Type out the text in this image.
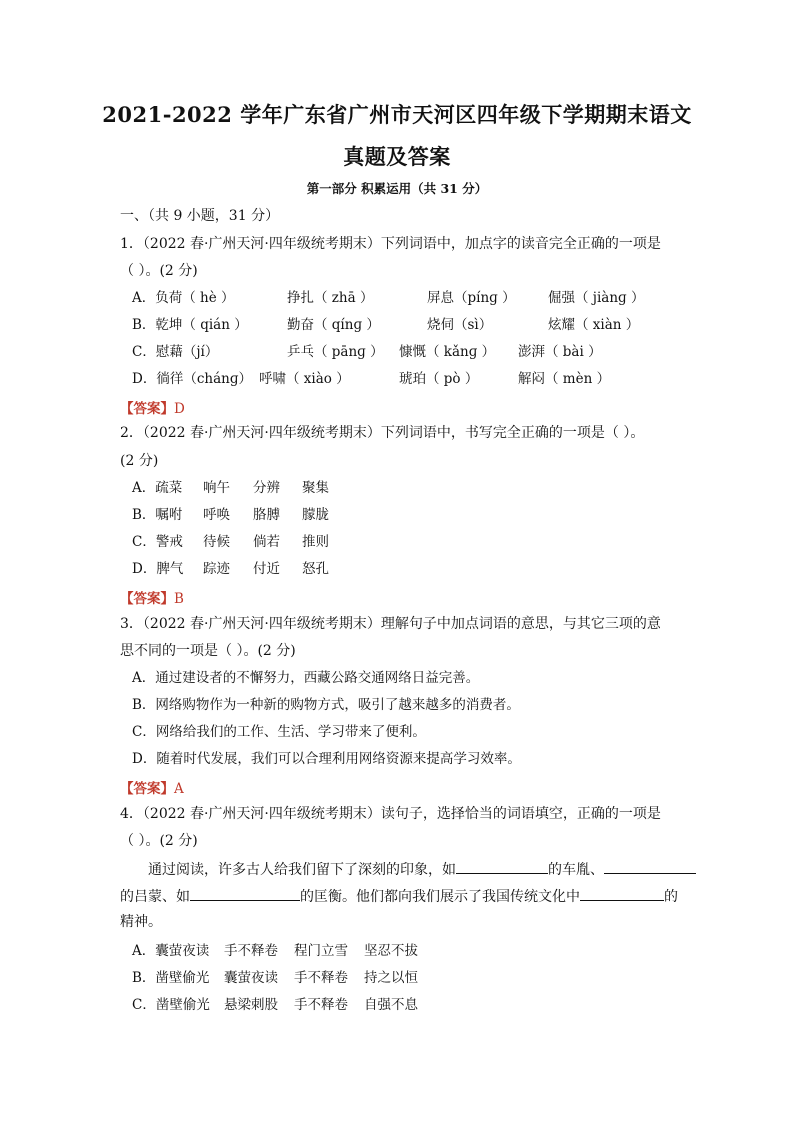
2021-2022 学年广东省广州市天河区四年级下学期期末语文
真题及答案
第一部分 积累运用（共 31 分）
一、（共 9 小题，31 分）
1．（2022 春·广州天河·四年级统考期末）下列词语中，加点字的读音完全正确的一项是
（ ）。(2 分)
A．负荷（ hè ）	挣扎（ zhā ）	屏息（pínɡ ） 倔强（ jiànɡ ）
B．乾坤（ qián ）	勤奋（ qínɡ ）	烧伺（sì）	炫耀（ xiàn ）
C．慰藉（jí）	乒乓（ pānɡ ） 慷慨（ kǎnɡ ） 澎湃（ bài ）
D．徜徉（chánɡ） 呼啸（ xiào ）	琥珀（ pò ）	解闷（ mèn ）
【答案】D
2．（2022 春·广州天河·四年级统考期末）下列词语中，书写完全正确的一项是（ ）。
(2 分)
A．疏菜 响午 分辨 聚集
B．嘱咐 呼唤 胳膊 朦胧
C．警戒 待候 倘若 推则
D．脾气 踪迹 付近 怒孔
【答案】B
3．（2022 春·广州天河·四年级统考期末）理解句子中加点词语的意思，与其它三项的意
思不同的一项是（ ）。(2 分)
A．通过建设者的不懈努力，西藏公路交通网络日益完善。
B．网络购物作为一种新的购物方式，吸引了越来越多的消费者。
C．网络给我们的工作、生活、学习带来了便利。
D．随着时代发展，我们可以合理利用网络资源来提高学习效率。
【答案】A
4．（2022 春·广州天河·四年级统考期末）读句子，选择恰当的词语填空，正确的一项是
（ ）。(2 分)
通过阅读，许多古人给我们留下了深刻的印象，如	的车胤、
的吕蒙、如	的匡衡。他们都向我们展示了我国传统文化中	的
精神。
A．囊萤夜读 手不释卷 程门立雪 坚忍不拔
B．凿壁偷光 囊萤夜读 手不释卷 持之以恒
C．凿壁偷光 悬梁刺股 手不释卷 自强不息
